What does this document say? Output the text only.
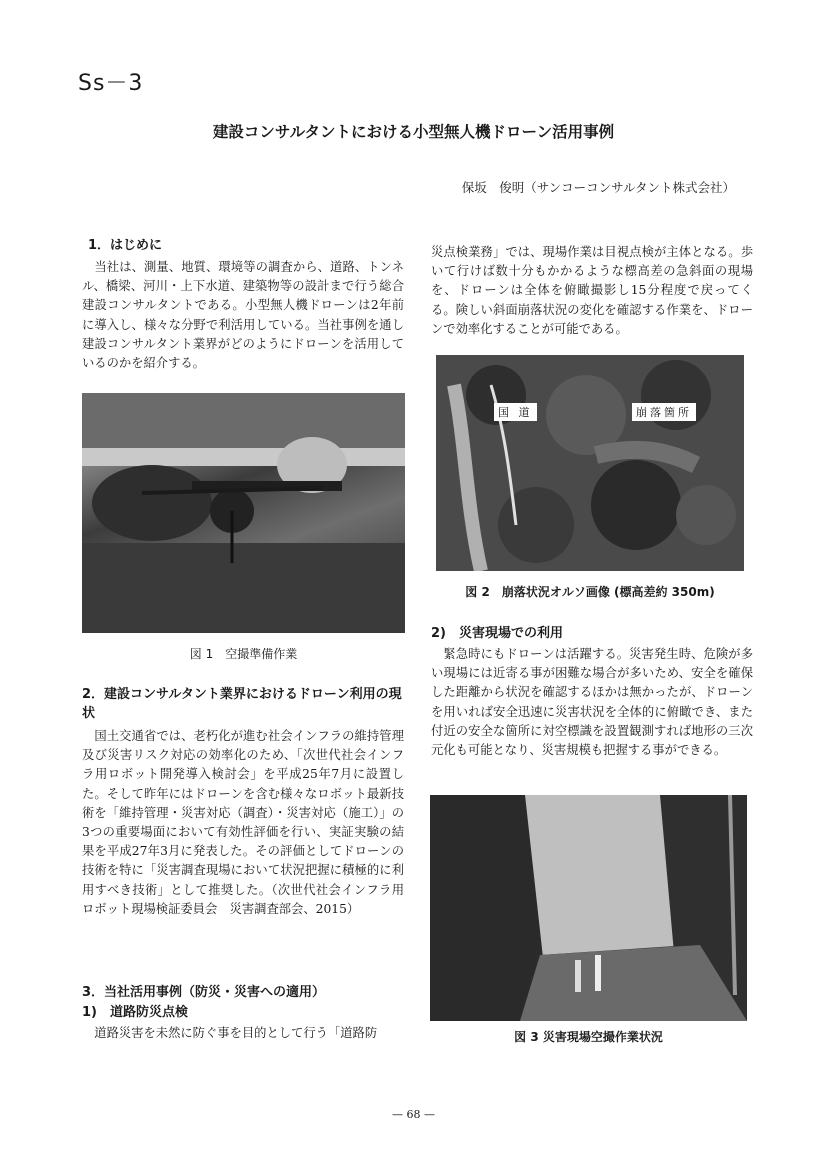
Ss－3
建設コンサルタントにおける小型無人機ドローン活用事例
保坂　俊明（サンコーコンサルタント株式会社）
1．はじめに
　当社は、測量、地質、環境等の調査から、道路、トンネル、橋梁、河川・上下水道、建築物等の設計まで行う総合建設コンサルタントである。小型無人機ドローンは2年前に導入し、様々な分野で利活用している。当社事例を通し建設コンサルタント業界がどのようにドローンを活用しているのかを紹介する。
図 1　空撮準備作業
2．建設コンサルタント業界におけるドローン利用の現状
　国土交通省では、老朽化が進む社会インフラの維持管理及び災害リスク対応の効率化のため、「次世代社会インフラ用ロボット開発導入検討会」を平成25年7月に設置した。そして昨年にはドローンを含む様々なロボット最新技術を「維持管理・災害対応（調査）・災害対応（施工）」の3つの重要場面において有効性評価を行い、実証実験の結果を平成27年3月に発表した。その評価としてドローンの技術を特に「災害調査現場において状況把握に積極的に利用すべき技術」として推奨した。（次世代社会インフラ用ロボット現場検証委員会　災害調査部会、2015）
3．当社活用事例（防災・災害への適用）
1)　道路防災点検
　道路災害を未然に防ぐ事を目的として行う「道路防
災点検業務」では、現場作業は目視点検が主体となる。歩いて行けば数十分もかかるような標高差の急斜面の現場を、ドローンは全体を俯瞰撮影し15分程度で戻ってくる。険しい斜面崩落状況の変化を確認する作業を、ドローンで効率化することが可能である。
国 道	崩落箇所
図 2　崩落状況オルソ画像 (標高差約 350m)
2)　災害現場での利用
　緊急時にもドローンは活躍する。災害発生時、危険が多い現場には近寄る事が困難な場合が多いため、安全を確保した距離から状況を確認するほかは無かったが、ドローンを用いれば安全迅速に災害状況を全体的に俯瞰でき、また付近の安全な箇所に対空標識を設置観測すれば地形の三次元化も可能となり、災害規模も把握する事ができる。
図 3 災害現場空撮作業状況
— 68 —
